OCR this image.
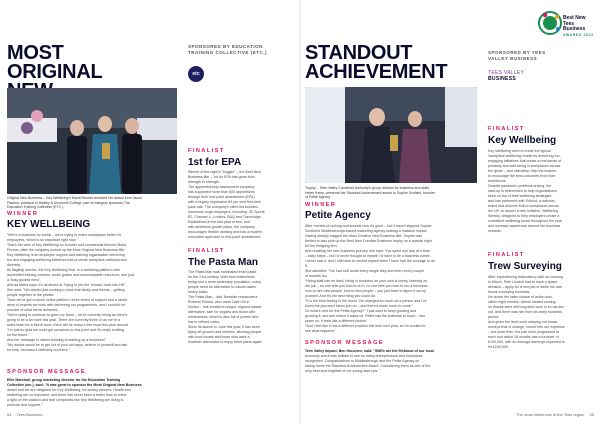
MOST ORIGINAL
SPONSORED BY EDUCATION
TRAINING COLLECTIVE (ETC.)
etc
Original New Business – Key Wellbeing's Maria Renner received her award from Jason
Paulton, principal of Hadley & Unsworth College, part of category sponsors The
Education Training Collective (ETC.)
WINNER
KEY WELLBEING
"We're a business for social – we're trying to make workplaces better for
employees, which is so important right now."
That's the view of Key Wellbeing co-founder and commercial director Maria
Renner, after the company picked up the Most Original New Business title.
Key Wellbeing is an employee support and training organisation delivering
fun and engaging wellbeing initiatives that promote workplace wellness and
diversity.
Its flagship service, the Key Wellbeing Hub, is a wellbeing platform with
accredited training courses, audio guides and downloadable resources, and just
a 'busy guided mind'.
And as Maria says, it's all aimed at "trying to put the 'human' back into HR".
She said: "We started just working in silos that family and friends – getting
people together in the private.
"Now we've got a whole online platform, three levels of support and a whole
army of experts we work with delivering our programmes, and I couldn't be
prouder of what we've achieved.
"We're going to continue to grow our team – we're currently hiring as there's
going to be a lot more this year. There are currently three of us; we're a
sales team for a fourth soon, there will be many a few more this year around.
"I'm just so glad we could get ourselves to this point and it's really exciting
for the future."
And her message to others thinking of starting up a business?
"My advice would be to get out of your old ways, believe in yourself and ask
for help, because it definitely out there."
SPONSOR MESSAGE
Ellie Marshall, group marketing director for the Education Training
Collective (etc.), said: "It was great to sponsor the Most Original New Business
award and we are delighted for Key Wellbeing, for worthy winners. Health and
wellbeing are so important, and there has never been a better time to shine
a light on the passion and that companies like Key Wellbeing are doing to
promote and support."
FINALIST
1st for EPA
Winner of the night's "bugger" – the Best New
Business title – 1st for EPA has gone from
strength to strength.
The apprenticeship assessment company
has supported more than 600 apprentices
through their end-point assessment (EPA)
with a hugely impressive 89 per cent first-time
pass rate. The company's client list includes
numerous huge employers, including: JD Sports,
BT, Channel 4, Lookers, B&Q and Travelodge.
Established in the last year or two, and
with ambitious growth plans, the company
encourages flexible working and has a modern,
innovative approach to end-point assessment.
FINALIST
The Pasta Man
The Pasta Man was nominated fresh pasta
for the 21st century. With food businesses
being and a more sedentary population, many
people need an alternative to calorie-laden
heavy pasta.
The Pasta Man – aka Teesside restaurateur
Roberto Pollard, who owns Café Lilli in
Norton – has created a unique, legume-based
alternative, safe for vegans and those with
intolerances, which is also full of protein and
low in refined carbs.
Since its launch in June this year, it has been
flying off grocers and shelves, allowing people
with food issues and those who want a
healthier alternative to enjoy fresh pasta again.
54 Tees Business
Best New
Tees Business
AWARDS 2022
STANDOUT
ACHIEVEMENT
SPONSORED BY TEES
VALLEY BUSINESS
TEES VALLEY
BUSINESS
Trophy – Tees Valley Combined Authority's group director for business and skills
Helen Kemp, presents the Standout Achievement award to Sophie Scofield, founder
of Petite Agency
WINNER
Petite Agency
After months of looking and sounds now it's gone – but it hasn't stopped Sophie
Scofield's Middlesbrough-based marketing agency making a massive impact.
Having already bagged the Most Creative New Business title, Sophie was
thrilled to also pick up the Best New Creative Business trophy on a special night
for the fledgling firm.
And recalling her own business journey, she said: "I've spent one day at a time
– baby steps – but I'd never thought to myself: I'd have to be a business owner.
I never saw it, and I still have to remind myself when I have had the courage to do
it.
She admitted: "I've had self-doubt every single step and been every couple
of months too.
"Hiring staff can be hard, hiring in business on your own is lonely, learning on
the job – no one tells you how to do it, no one tells you how to run a business,
how to hire new people, how to hire people – you just have to figure it out by
yourself. And it's the best thing you could do.
"It is the best feeling in the world. I've changed so much as a person and I've
loved the journey it takes you on – and there's loads more to come."
So what's next for the Petite Agency? "I just want to keep growing and
growing it, and see where it takes us. Petite has the potential to touch – two
years on, it feels like a different picture.
"And I feel like it has a different position this time next year, so I'm excited to
see what happens."
SPONSOR MESSAGE
Tees Valley Impact, Ben Houchen, said: "SMEs are the lifeblood of our local
economy and it was brilliant to see so many entrepreneurs and innovators
recognised. Congratulations to Middlesbrough and the Petite Agency on
taking home the Standout Achievement Award. Considering them as one of the
very best and brightest of our young start-ups."
FINALIST
Key Wellbeing
Key Wellbeing went to break the typical
'workplace wellbeing' model by delivering fun,
engaging initiatives that create a real sense of
positivity and well-being in workplaces across
the globe – and ultimately, help the leaders
to encourage the best outcomes from their
workforces.
Despite pandemic problems arising, the
start-up is determined to help organisations
keep on top of their wellbeing strategies
and has partnered with Sofood, a national
brand that delivers fruit to workplaces across
the UK, to launch a new initiative, Wellbeing
Weekly, designed to help employers create a
consistent wellbeing boost throughout the year
and increase awareness around the business
rewards.
FINALIST
Trew Surveying
After experiencing redundancy with six working
in March, Pete Linwick had to have a space
decision – apply for a new job or strike his own
house surveying business.
He chose the latter course of action and,
within eight months, clients started coming
on thanks were still long-time work in so carried
out, and there was him from his early business
period.
And given the level work carrying out house
surveys that of change, record into our expertise
– but since then, the pair have progressed to
each and within 18 months has a turnover of
£100,000, with an average earnings expected to
hit £240,000.
The most influences in the Tees region 55
